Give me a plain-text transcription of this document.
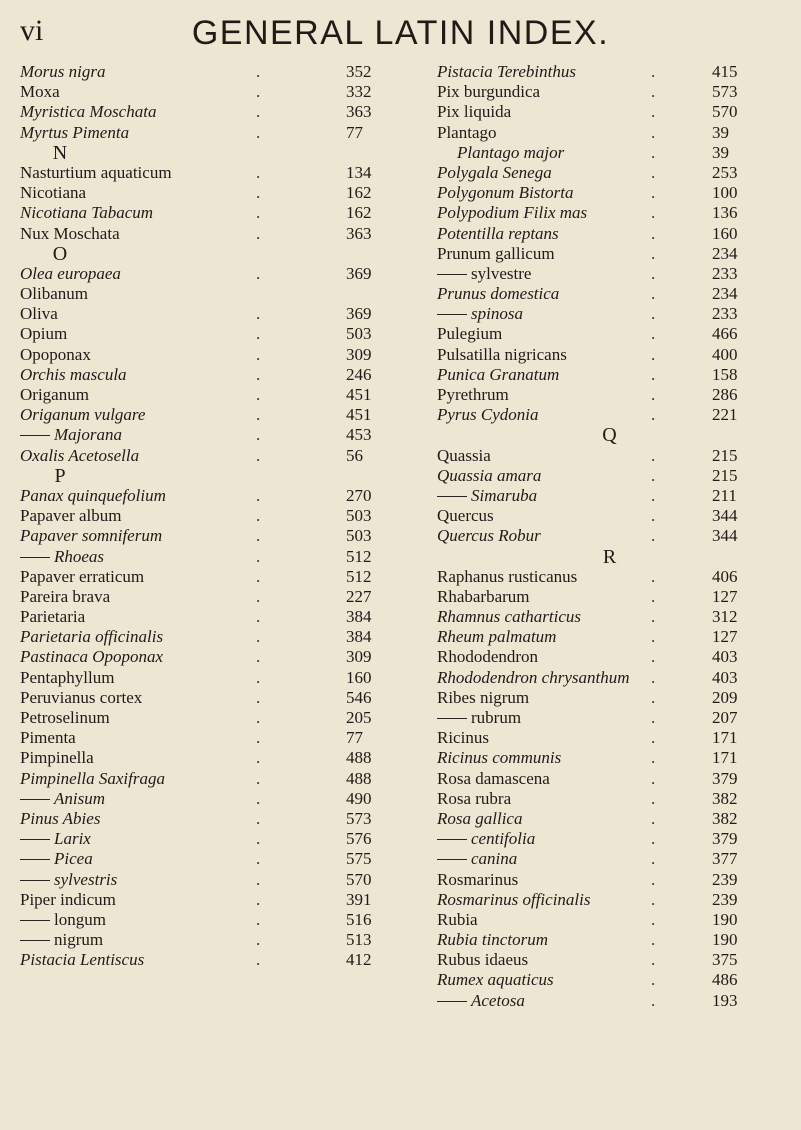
vi	GENERAL LATIN INDEX.
Morus nigra	.	352
Moxa	.	332
Myristica Moschata	.	363
Myrtus Pimenta	.	77
N
Nasturtium aquaticum	.	134
Nicotiana	.	162
Nicotiana Tabacum	.	162
Nux Moschata	.	363
O
Olea europaea	.	369
Olibanum
Oliva	.	369
Opium	.	503
Opoponax	.	309
Orchis mascula	.	246
Origanum	.	451
Origanum vulgare	.	451
Majorana	.	453
Oxalis Acetosella	.	56
P
Panax quinquefolium	.	270
Papaver album	.	503
Papaver somniferum	.	503
Rhoeas	.	512
Papaver erraticum	.	512
Pareira brava	.	227
Parietaria	.	384
Parietaria officinalis	.	384
Pastinaca Opoponax	.	309
Pentaphyllum	.	160
Peruvianus cortex	.	546
Petroselinum	.	205
Pimenta	.	77
Pimpinella	.	488
Pimpinella Saxifraga	.	488
Anisum	.	490
Pinus Abies	.	573
Larix	.	576
Picea	.	575
sylvestris	.	570
Piper indicum	.	391
longum	.	516
nigrum	.	513
Pistacia Lentiscus	.	412
Pistacia Terebinthus	.	415
Pix burgundica	.	573
Pix liquida	.	570
Plantago	.	39
Plantago major	.	39
Polygala Senega	.	253
Polygonum Bistorta	.	100
Polypodium Filix mas	.	136
Potentilla reptans	.	160
Prunum gallicum	.	234
sylvestre	.	233
Prunus domestica	.	234
spinosa	.	233
Pulegium	.	466
Pulsatilla nigricans	.	400
Punica Granatum	.	158
Pyrethrum	.	286
Pyrus Cydonia	.	221
Q
Quassia	.	215
Quassia amara	.	215
Simaruba	.	211
Quercus	.	344
Quercus Robur	.	344
R
Raphanus rusticanus	.	406
Rhabarbarum	.	127
Rhamnus catharticus	.	312
Rheum palmatum	.	127
Rhododendron	.	403
Rhododendron chrysanthum .	403
Ribes nigrum	.	209
rubrum	.	207
Ricinus	.	171
Ricinus communis	.	171
Rosa damascena	.	379
Rosa rubra	.	382
Rosa gallica	.	382
centifolia	.	379
canina	.	377
Rosmarinus	.	239
Rosmarinus officinalis	.	239
Rubia	.	190
Rubia tinctorum	.	190
Rubus idaeus	.	375
Rumex aquaticus	.	486
Acetosa	.	193
